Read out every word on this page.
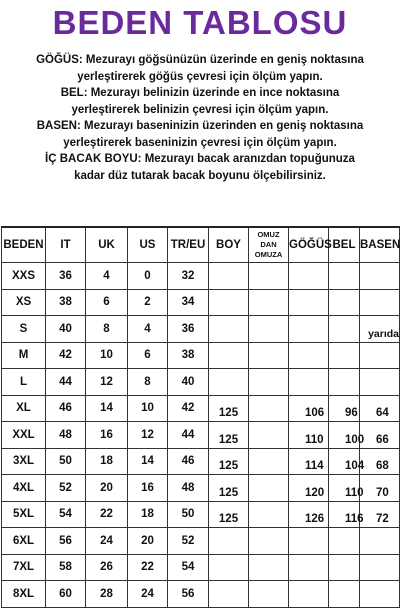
BEDEN TABLOSU
GÖĞÜS: Mezurayı göğsünüzün üzerinde en geniş noktasına
yerleştirerek göğüs çevresi için ölçüm yapın.
BEL: Mezurayı belinizin üzerinde en ince noktasına
yerleştirerek belinizin çevresi için ölçüm yapın.
BASEN: Mezurayı baseninizin üzerinden en geniş noktasına
yerleştirerek baseninizin çevresi için ölçüm yapın.
İÇ BACAK BOYU: Mezurayı bacak aranızdan topuğunuza
kadar düz tutarak bacak boyunu ölçebilirsiniz.
BEDEN	IT	UK	US	TR/EU	BOY	OMUZ DAN OMUZA	GÖĞÜS	BEL	BASEN
XXS	36	4	0	32					
XS	38	6	2	34					
S	40	8	4	36					yarıda
M	42	10	6	38					
L	44	12	8	40					
XL	46	14	10	42	125		106	96	64
XXL	48	16	12	44	125		110	100	66
3XL	50	18	14	46	125		114	104	68
4XL	52	20	16	48	125		120	110	70
5XL	54	22	18	50	125		126	116	72
6XL	56	24	20	52					
7XL	58	26	22	54					
8XL	60	28	24	56					
